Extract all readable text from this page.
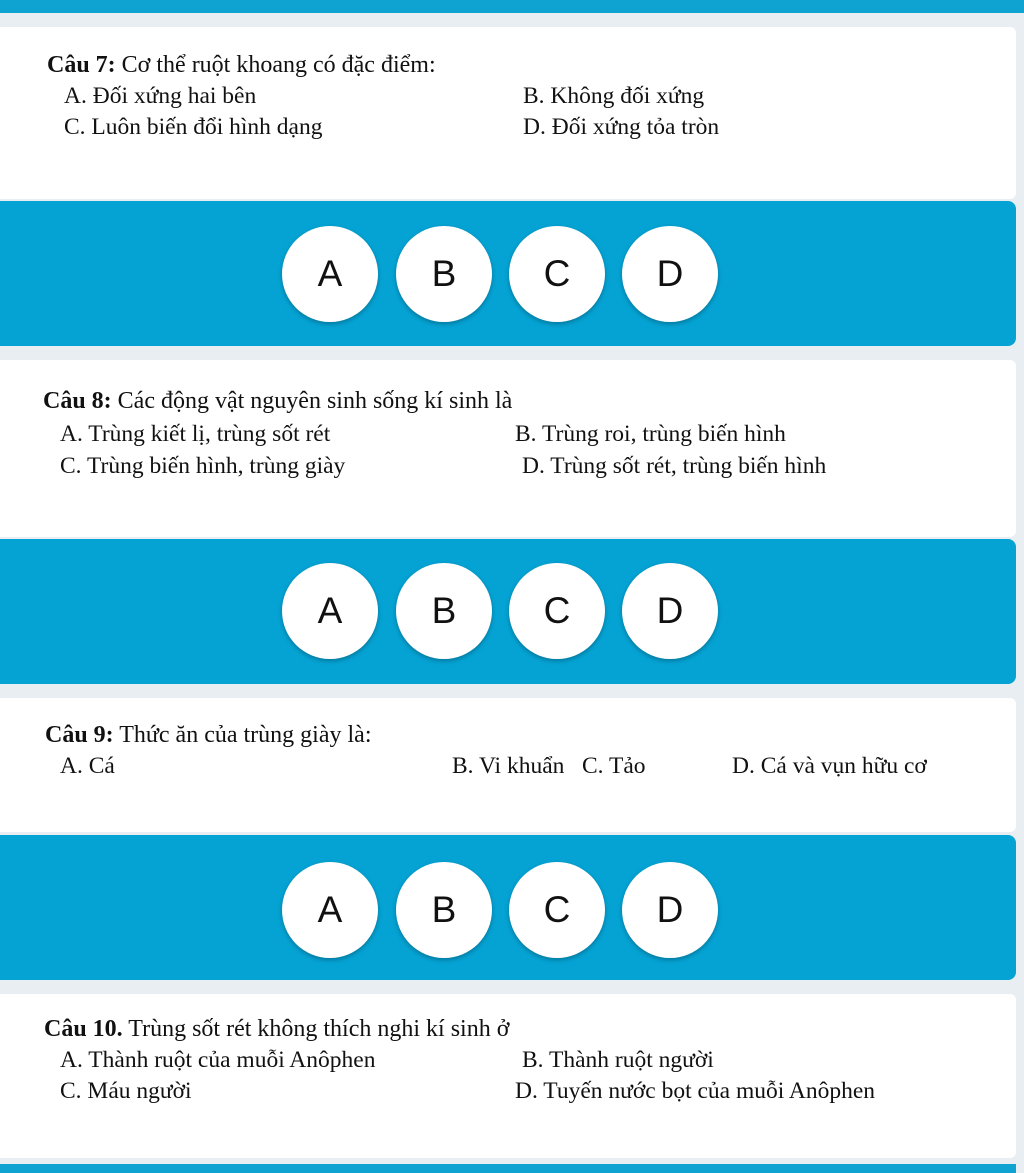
Câu 7: Cơ thể ruột khoang có đặc điểm:
A. Đối xứng hai bên	B. Không đối xứng
C. Luôn biến đổi hình dạng	D. Đối xứng tỏa tròn
A	B	C	D
Câu 8: Các động vật nguyên sinh sống kí sinh là
A. Trùng kiết lị, trùng sốt rét	B. Trùng roi, trùng biến hình
C. Trùng biến hình, trùng giày	D. Trùng sốt rét, trùng biến hình
A	B	C	D
Câu 9: Thức ăn của trùng giày là:
A. Cá	B. Vi khuẩn C. Tảo	D. Cá và vụn hữu cơ
A	B	C	D
Câu 10. Trùng sốt rét không thích nghi kí sinh ở
A. Thành ruột của muỗi Anôphen	B. Thành ruột người
C. Máu người	D. Tuyến nước bọt của muỗi Anôphen
